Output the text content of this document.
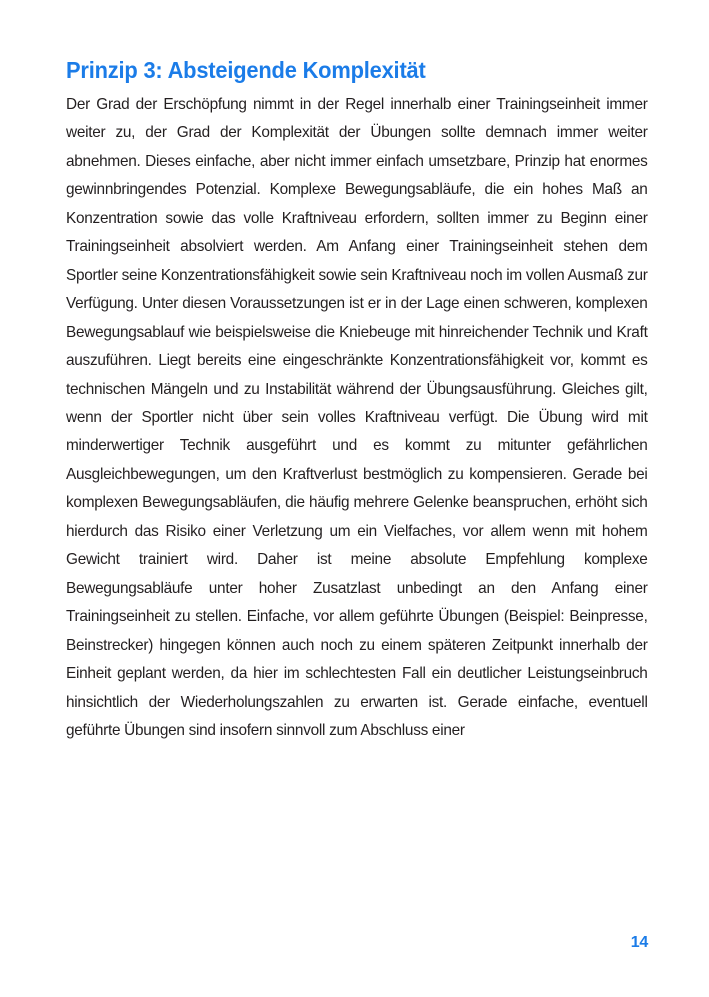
Prinzip 3: Absteigende Komplexität

Der Grad der Erschöpfung nimmt in der Regel innerhalb einer Trainingseinheit immer weiter zu, der Grad der Komplexität der Übungen sollte demnach immer weiter abnehmen. Dieses einfache, aber nicht immer einfach umsetzbare, Prinzip hat enormes gewinnbringendes Potenzial. Komplexe Bewegungsabläufe, die ein hohes Maß an Konzentration sowie das volle Kraftniveau erfordern, sollten immer zu Beginn einer Trainingseinheit absolviert werden. Am Anfang einer Trainingseinheit stehen dem Sportler seine Konzentrationsfähigkeit sowie sein Kraftniveau noch im vollen Ausmaß zur Verfügung. Unter diesen Voraussetzungen ist er in der Lage einen schweren, komplexen Bewegungsablauf wie beispielsweise die Kniebeuge mit hinreichender Technik und Kraft auszuführen. Liegt bereits eine eingeschränkte Konzentrationsfähigkeit vor, kommt es technischen Mängeln und zu Instabilität während der Übungsausführung. Gleiches gilt, wenn der Sportler nicht über sein volles Kraftniveau verfügt. Die Übung wird mit minderwertiger Technik ausgeführt und es kommt zu mitunter gefährlichen Ausgleichbewegungen, um den Kraftverlust bestmöglich zu kompensieren. Gerade bei komplexen Bewegungsabläufen, die häufig mehrere Gelenke beanspruchen, erhöht sich hierdurch das Risiko einer Verletzung um ein Vielfaches, vor allem wenn mit hohem Gewicht trainiert wird. Daher ist meine absolute Empfehlung komplexe Bewegungsabläufe unter hoher Zusatzlast unbedingt an den Anfang einer Trainingseinheit zu stellen. Einfache, vor allem geführte Übungen (Beispiel: Beinpresse, Beinstrecker) hingegen können auch noch zu einem späteren Zeitpunkt innerhalb der Einheit geplant werden, da hier im schlechtesten Fall ein deutlicher Leistungseinbruch hinsichtlich der Wiederholungszahlen zu erwarten ist. Gerade einfache, eventuell geführte Übungen sind insofern sinnvoll zum Abschluss einer

14
